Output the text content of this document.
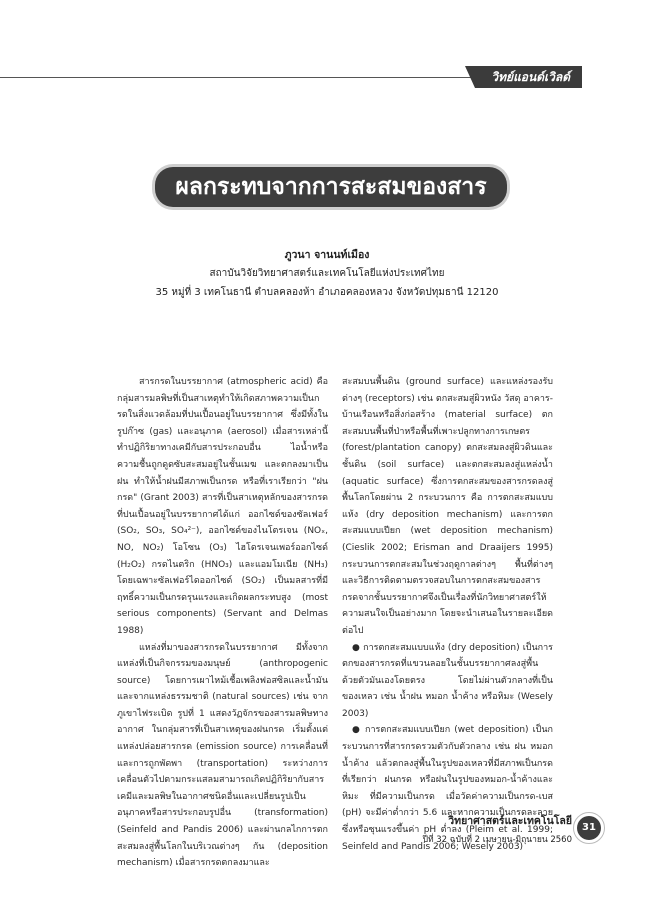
วิทย์แอนด์เวิลด์
ผลกระทบจากการสะสมของสารกรด
ภูวนา จานนท์เมือง
สถาบันวิจัยวิทยาศาสตร์และเทคโนโลยีแห่งประเทศไทย
35 หมู่ที่ 3 เทคโนธานี ตำบลคลองห้า อำเภอคลองหลวง จังหวัดปทุมธานี 12120

สารกรดในบรรยากาศ (atmospheric acid) คือ กลุ่มสารมลพิษที่เป็นสาเหตุทำให้เกิดสภาพความเป็นกรดในสิ่งแวดล้อมที่ปนเปื้อนอยู่ในบรรยากาศ ซึ่งมีทั้งในรูปก๊าซ (gas) และอนุภาค (aerosol) เมื่อสารเหล่านี้ทำปฏิกิริยาทางเคมีกับสารประกอบอื่น ไอน้ำหรือความชื้นถูกดูดซับสะสมอยู่ในชั้นเมฆ และตกลงมาเป็นฝน ทำให้น้ำฝนมีสภาพเป็นกรด หรือที่เราเรียกว่า "ฝนกรด" (Grant 2003) สารที่เป็นสาเหตุหลักของสารกรดที่ปนเปื้อนอยู่ในบรรยากาศได้แก่ ออกไซด์ของซัลเฟอร์ (SO₂, SO₃, SO₄²⁻), ออกไซด์ของไนโตรเจน (NOₓ, NO, NO₂) โอโซน (O₃) ไฮโดรเจนเพอร์ออกไซด์ (H₂O₂) กรดไนตริก (HNO₃) และแอมโมเนีย (NH₃) โดยเฉพาะซัลเฟอร์ไดออกไซด์ (SO₂) เป็นมลสารที่มีฤทธิ์ความเป็นกรดรุนแรงและเกิดผลกระทบสูง (most serious components) (Servant and Delmas 1988)

แหล่งที่มาของสารกรดในบรรยากาศ มีทั้งจากแหล่งที่เป็นกิจกรรมของมนุษย์ (anthropogenic source) โดยการเผาไหม้เชื้อเพลิงฟอสซิลและน้ำมัน และจากแหล่งธรรมชาติ (natural sources) เช่น จากภูเขาไฟระเบิด รูปที่ 1 แสดงวัฏจักรของสารมลพิษทางอากาศ ในกลุ่มสารที่เป็นสาเหตุของฝนกรด เริ่มตั้งแต่แหล่งปล่อยสารกรด (emission source) การเคลื่อนที่และการถูกพัดพา (transportation) ระหว่างการเคลื่อนตัวไปตามกระแสลมสามารถเกิดปฏิกิริยากับสารเคมีและมลพิษในอากาศชนิดอื่นและเปลี่ยนรูปเป็นอนุภาคหรือสารประกอบรูปอื่น (transformation) (Seinfeld and Pandis 2006) และผ่านกลไกการตกสะสมลงสู่พื้นโลกในบริเวณต่างๆ กัน (deposition mechanism) เมื่อสารกรดตกลงมาและ

สะสมบนพื้นดิน (ground surface) และแหล่งรองรับต่างๆ (receptors) เช่น ตกสะสมสู่ผิวหนัง วัสดุ อาคาร-บ้านเรือนหรือสิ่งก่อสร้าง (material surface) ตกสะสมบนพื้นที่ป่าหรือพื้นที่เพาะปลูกทางการเกษตร (forest/plantation canopy) ตกสะสมลงสู่ผิวดินและชั้นดิน (soil surface) และตกสะสมลงสู่แหล่งน้ำ (aquatic surface) ซึ่งการตกสะสมของสารกรดลงสู่พื้นโลกโดยผ่าน 2 กระบวนการ คือ การตกสะสมแบบแห้ง (dry deposition mechanism) และการตกสะสมแบบเปียก (wet deposition mechanism) (Cieslik 2002; Erisman and Draaijers 1995) กระบวนการตกสะสมในช่วงฤดูกาลต่างๆ พื้นที่ต่างๆ และวิธีการติดตามตรวจสอบในการตกสะสมของสารกรดจากชั้นบรรยากาศจึงเป็นเรื่องที่นักวิทยาศาสตร์ให้ความสนใจเป็นอย่างมาก โดยจะนำเสนอในรายละเอียดต่อไป

● การตกสะสมแบบแห้ง (dry deposition) เป็นการตกของสารกรดที่แขวนลอยในชั้นบรรยากาศลงสู่พื้นด้วยตัวมันเองโดยตรง โดยไม่ผ่านตัวกลางที่เป็นของเหลว เช่น น้ำฝน หมอก น้ำค้าง หรือหิมะ (Wesely 2003)

● การตกสะสมแบบเปียก (wet deposition) เป็นกระบวนการที่สารกรดรวมตัวกับตัวกลาง เช่น ฝน หมอก น้ำค้าง แล้วตกลงสู่พื้นในรูปของเหลวที่มีสภาพเป็นกรด ที่เรียกว่า ฝนกรด หรือฝนในรูปของหมอก-น้ำค้างและหิมะ ที่มีความเป็นกรด เมื่อวัดค่าความเป็นกรด-เบส (pH) จะมีค่าต่ำกว่า 5.6 และหากความเป็นกรดละลายซึ่งหรือซุนแรงขึ้นค่า pH ต่ำลง (Pleim et al. 1999; Seinfeld and Pandis 2006; Wesely 2003)

วิทยาศาสตร์และเทคโนโลยี
ปีที่ 32 ฉบับที่ 2 เมษายน-มิถุนายน 2560
31
